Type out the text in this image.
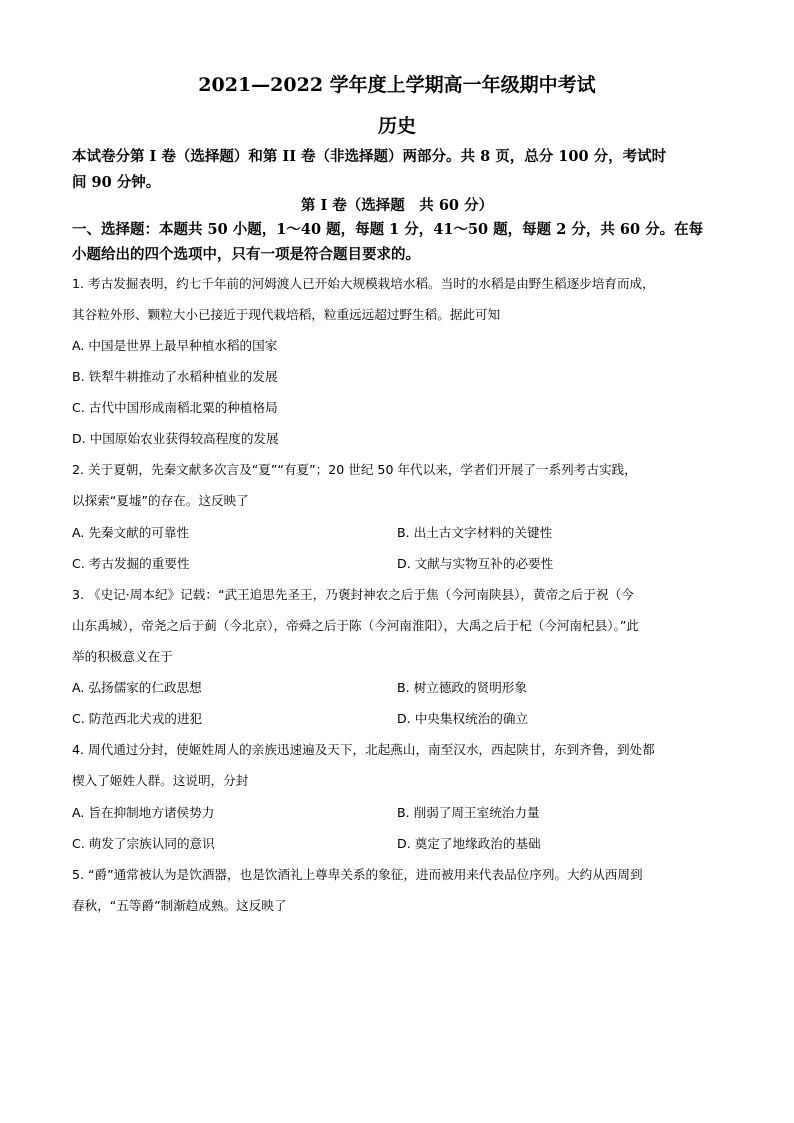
2021—2022 学年度上学期高一年级期中考试
历史
本试卷分第 I 卷（选择题）和第 II 卷（非选择题）两部分。共 8 页，总分 100 分，考试时
间 90 分钟。
第 I 卷（选择题　共 60 分）
一、选择题：本题共 50 小题，1～40 题，每题 1 分，41～50 题，每题 2 分，共 60 分。在每
小题给出的四个选项中，只有一项是符合题目要求的。
1. 考古发掘表明，约七千年前的河姆渡人已开始大规模栽培水稻。当时的水稻是由野生稻逐步培育而成，
其谷粒外形、颗粒大小已接近于现代栽培稻，粒重远远超过野生稻。据此可知
A. 中国是世界上最早种植水稻的国家
B. 铁犁牛耕推动了水稻种植业的发展
C. 古代中国形成南稻北粟的种植格局
D. 中国原始农业获得较高程度的发展
2. 关于夏朝，先秦文献多次言及“夏”“有夏”；20 世纪 50 年代以来，学者们开展了一系列考古实践，
以探索“夏墟”的存在。这反映了
A. 先秦文献的可靠性	B. 出土古文字材料的关键性
C. 考古发掘的重要性	D. 文献与实物互补的必要性
3. 《史记·周本纪》记载：“武王追思先圣王，乃褒封神农之后于焦（今河南陕县），黄帝之后于祝（今
山东禹城），帝尧之后于蓟（今北京），帝舜之后于陈（今河南淮阳），大禹之后于杞（今河南杞县）。”此
举的积极意义在于
A. 弘扬儒家的仁政思想	B. 树立德政的贤明形象
C. 防范西北犬戎的进犯	D. 中央集权统治的确立
4. 周代通过分封，使姬姓周人的亲族迅速遍及天下，北起燕山，南至汉水，西起陕甘，东到齐鲁，到处都
楔入了姬姓人群。这说明，分封
A. 旨在抑制地方诸侯势力	B. 削弱了周王室统治力量
C. 萌发了宗族认同的意识	D. 奠定了地缘政治的基础
5. “爵”通常被认为是饮酒器，也是饮酒礼上尊卑关系的象征，进而被用来代表品位序列。大约从西周到
春秋，“五等爵”制渐趋成熟。这反映了
